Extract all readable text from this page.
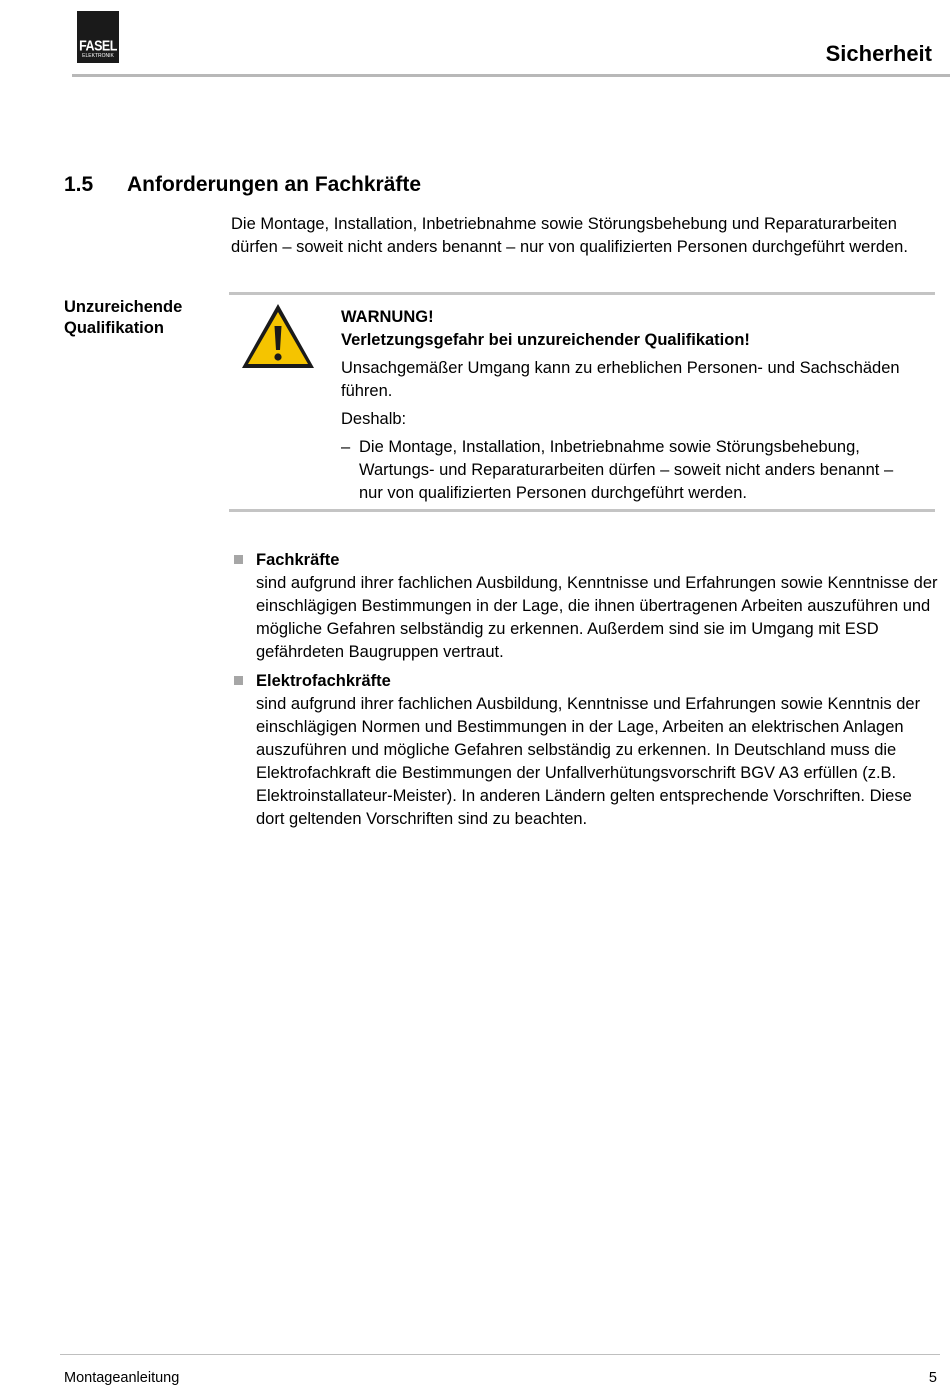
FASEL
ELEKTRONIK	Sicherheit
1.5 Anforderungen an Fachkräfte

Die Montage, Installation, Inbetriebnahme sowie Störungsbehebung und Reparaturarbeiten dürfen – soweit nicht anders benannt – nur von qualifizierten Personen durchgeführt werden.

Unzureichende
Qualifikation
WARNUNG!
Verletzungsgefahr bei unzureichender Qualifikation!

Unsachgemäßer Umgang kann zu erheblichen Personen- und Sachschäden führen.

Deshalb:

– Die Montage, Installation, Inbetriebnahme sowie Störungsbehebung, Wartungs- und Reparaturarbeiten dürfen – soweit nicht anders benannt – nur von qualifizierten Personen durchgeführt werden.
Fachkräfte
sind aufgrund ihrer fachlichen Ausbildung, Kenntnisse und Erfahrungen sowie Kenntnisse der einschlägigen Bestimmungen in der Lage, die ihnen übertragenen Arbeiten auszuführen und mögliche Gefahren selbständig zu erkennen. Außerdem sind sie im Umgang mit ESD gefährdeten Baugruppen vertraut.
Elektrofachkräfte
sind aufgrund ihrer fachlichen Ausbildung, Kenntnisse und Erfahrungen sowie Kenntnis der einschlägigen Normen und Bestimmungen in der Lage, Arbeiten an elektrischen Anlagen auszuführen und mögliche Gefahren selbständig zu erkennen. In Deutschland muss die Elektrofachkraft die Bestimmungen der Unfallverhütungsvorschrift BGV A3 erfüllen (z.B. Elektroinstallateur-Meister). In anderen Ländern gelten entsprechende Vorschriften. Diese dort geltenden Vorschriften sind zu beachten.
Montageanleitung	5
